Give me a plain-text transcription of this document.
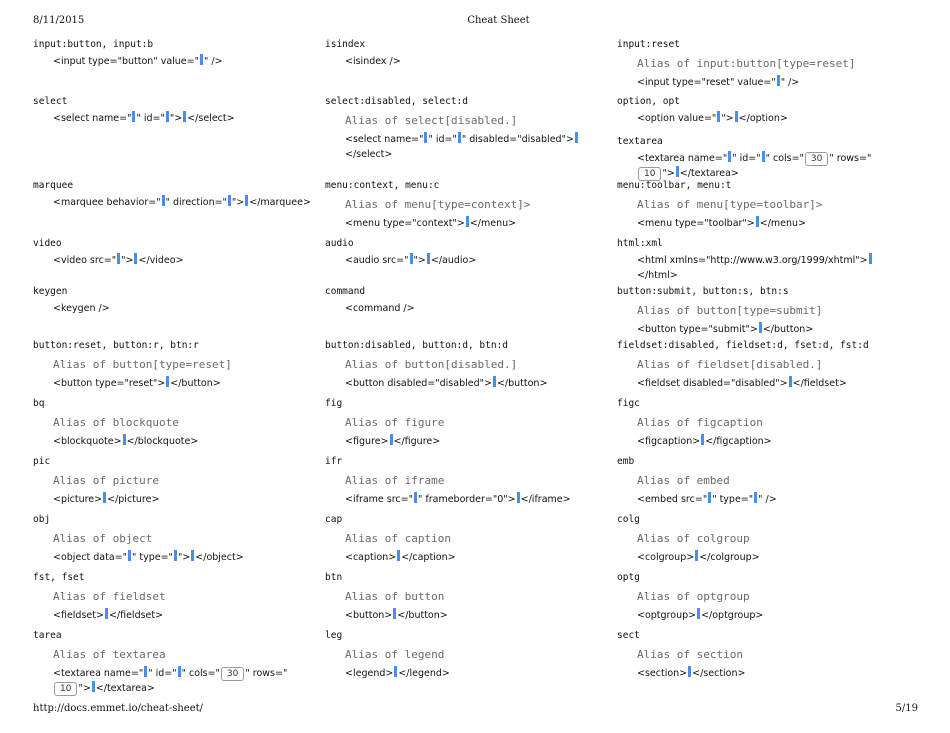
8/11/2015	Cheat Sheet
input:button, input:b
<input type="button" value=" " />
select
<select name=" " id=" "> </select>
marquee
<marquee behavior=" " direction=" "> </marquee>
video
<video src=" "> </video>
keygen
<keygen />
button:reset, button:r, btn:r
Alias of button[type=reset]
<button type="reset"> </button>
bq
Alias of blockquote
<blockquote> </blockquote>
pic
Alias of picture
<picture> </picture>
obj
Alias of object
<object data=" " type=" "> </object>
fst, fset
Alias of fieldset
<fieldset> </fieldset>
tarea
Alias of textarea
<textarea name=" " id=" " cols=" 30 " rows="10 "> </textarea>
isindex
<isindex />
select:disabled, select:d
Alias of select[disabled.]
<select name=" " id=" " disabled="disabled"></select>
menu:context, menu:c
Alias of menu[type=context]>
<menu type="context"> </menu>
audio
<audio src=" "> </audio>
command
<command />
button:disabled, button:d, btn:d
Alias of button[disabled.]
<button disabled="disabled"> </button>
fig
Alias of figure
<figure> </figure>
ifr
Alias of iframe
<iframe src=" " frameborder="0"> </iframe>
cap
Alias of caption
<caption> </caption>
btn
Alias of button
<button> </button>
leg
Alias of legend
<legend> </legend>
input:reset
Alias of input:button[type=reset]
<input type="reset" value=" " />
option, opt
<option value=" "> </option>
textarea
<textarea name=" " id=" " cols=" 30 " rows="10 "> </textarea>
menu:toolbar, menu:t
Alias of menu[type=toolbar]>
<menu type="toolbar"> </menu>
html:xml
<html xmlns="http://www.w3.org/1999/xhtml"></html>
button:submit, button:s, btn:s
Alias of button[type=submit]
<button type="submit"> </button>
fieldset:disabled, fieldset:d, fset:d, fst:d
Alias of fieldset[disabled.]
<fieldset disabled="disabled"> </fieldset>
figc
Alias of figcaption
<figcaption> </figcaption>
emb
Alias of embed
<embed src=" " type=" " />
colg
Alias of colgroup
<colgroup> </colgroup>
optg
Alias of optgroup
<optgroup> </optgroup>
sect
Alias of section
<section> </section>
http://docs.emmet.io/cheat-sheet/	5/19
